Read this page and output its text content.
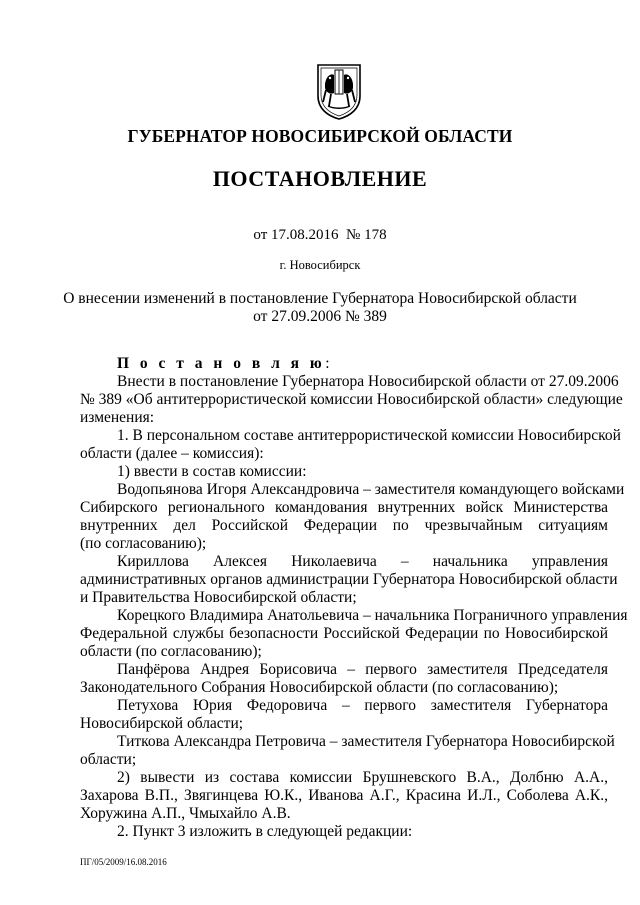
ГУБЕРНАТОР НОВОСИБИРСКОЙ ОБЛАСТИ
ПОСТАНОВЛЕНИЕ
от 17.08.2016  № 178
г. Новосибирск
О внесении изменений в постановление Губернатора Новосибирской области
от 27.09.2006 № 389
П о с т а н о в л я ю:
Внести в постановление Губернатора Новосибирской области от 27.09.2006
№ 389 «Об антитеррористической комиссии Новосибирской области» следующие
изменения:
1. В персональном составе антитеррористической комиссии Новосибирской
области (далее – комиссия):
1) ввести в состав комиссии:
Водопьянова Игоря Александровича – заместителя командующего войсками
Сибирского регионального командования внутренних войск Министерства
внутренних дел Российской Федерации по чрезвычайным ситуациям
(по согласованию);
Кириллова Алексея Николаевича – начальника управления
административных органов администрации Губернатора Новосибирской области
и Правительства Новосибирской области;
Корецкого Владимира Анатольевича – начальника Пограничного управления
Федеральной службы безопасности Российской Федерации по Новосибирской
области (по согласованию);
Панфёрова Андрея Борисовича – первого заместителя Председателя
Законодательного Собрания Новосибирской области (по согласованию);
Петухова Юрия Федоровича – первого заместителя Губернатора
Новосибирской области;
Титкова Александра Петровича – заместителя Губернатора Новосибирской
области;
2) вывести из состава комиссии Брушневского В.А., Долбню А.А.,
Захарова В.П., Звягинцева Ю.К., Иванова А.Г., Красина И.Л., Соболева А.К.,
Хоружина А.П., Чмыхайло А.В.
2. Пункт 3 изложить в следующей редакции:
ПГ/05/2009/16.08.2016
